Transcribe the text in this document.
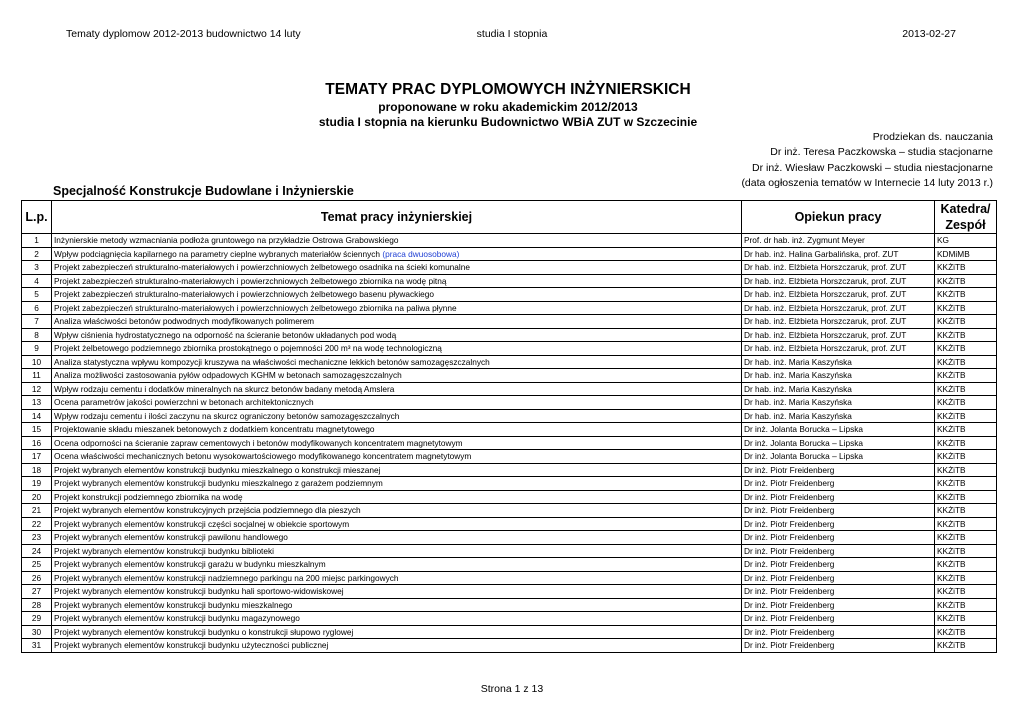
Tematy dyplomow 2012-2013 budownictwo 14 luty	studia I stopnia	2013-02-27
TEMATY PRAC DYPLOMOWYCH INŻYNIERSKICH
proponowane w roku akademickim 2012/2013
studia I stopnia na kierunku Budownictwo WBiA ZUT w Szczecinie
Prodziekan ds. nauczania
Dr inż. Teresa Paczkowska – studia stacjonarne
Dr inż. Wiesław Paczkowski – studia niestacjonarne
(data ogłoszenia tematów w Internecie 14 luty 2013 r.)
Specjalność Konstrukcje Budowlane i Inżynierskie
L.p.	Temat pracy inżynierskiej	Opiekun pracy	Katedra/
Zespół
1	Inżynierskie metody wzmacniania podłoża gruntowego na przykładzie Ostrowa Grabowskiego	Prof. dr hab. inż. Zygmunt Meyer	KG
2	Wpływ podciągnięcia kapilarnego na parametry cieplne wybranych materiałów ściennych (praca dwuosobowa)	Dr hab. inż. Halina Garbalińska, prof. ZUT	KDMiMB
3	Projekt zabezpieczeń strukturalno-materiałowych i powierzchniowych żelbetowego osadnika na ścieki komunalne	Dr hab. inż. Elżbieta Horszczaruk, prof. ZUT	KKŻiTB
4	Projekt zabezpieczeń strukturalno-materiałowych i powierzchniowych żelbetowego zbiornika na wodę pitną	Dr hab. inż. Elżbieta Horszczaruk, prof. ZUT	KKŻiTB
5	Projekt zabezpieczeń strukturalno-materiałowych i powierzchniowych żelbetowego basenu pływackiego	Dr hab. inż. Elżbieta Horszczaruk, prof. ZUT	KKŻiTB
6	Projekt zabezpieczeń strukturalno-materiałowych i powierzchniowych żelbetowego zbiornika na paliwa płynne	Dr hab. inż. Elżbieta Horszczaruk, prof. ZUT	KKŻiTB
7	Analiza właściwości betonów podwodnych modyfikowanych polimerem	Dr hab. inż. Elżbieta Horszczaruk, prof. ZUT	KKŻiTB
8	Wpływ ciśnienia hydrostatycznego na odporność na ścieranie betonów układanych pod wodą	Dr hab. inż. Elżbieta Horszczaruk, prof. ZUT	KKŻiTB
9	Projekt żelbetowego podziemnego zbiornika prostokątnego o pojemności 200 m³ na wodę technologiczną	Dr hab. inż. Elżbieta Horszczaruk, prof. ZUT	KKŻiTB
10	Analiza statystyczna wpływu kompozycji kruszywa na właściwości mechaniczne lekkich betonów samozagęszczalnych	Dr hab. inż. Maria Kaszyńska	KKŻiTB
11	Analiza możliwości zastosowania pyłów odpadowych KGHM w betonach samozagęszczalnych	Dr hab. inż. Maria Kaszyńska	KKŻiTB
12	Wpływ rodzaju cementu i dodatków mineralnych na skurcz betonów badany metodą Amslera	Dr hab. inż. Maria Kaszyńska	KKŻiTB
13	Ocena parametrów jakości powierzchni w betonach architektonicznych	Dr hab. inż. Maria Kaszyńska	KKŻiTB
14	Wpływ rodzaju cementu i ilości zaczynu na skurcz ograniczony betonów samozagęszczalnych	Dr hab. inż. Maria Kaszyńska	KKŻiTB
15	Projektowanie składu mieszanek betonowych z dodatkiem koncentratu magnetytowego	Dr inż. Jolanta Borucka – Lipska	KKŻiTB
16	Ocena odporności na ścieranie zapraw cementowych i betonów modyfikowanych koncentratem magnetytowym	Dr inż. Jolanta Borucka – Lipska	KKŻiTB
17	Ocena właściwości mechanicznych betonu wysokowartościowego modyfikowanego koncentratem magnetytowym	Dr inż. Jolanta Borucka – Lipska	KKŻiTB
18	Projekt wybranych elementów konstrukcji budynku mieszkalnego o konstrukcji mieszanej	Dr inż. Piotr Freidenberg	KKŻiTB
19	Projekt wybranych elementów konstrukcji budynku mieszkalnego z garażem podziemnym	Dr inż. Piotr Freidenberg	KKŻiTB
20	Projekt konstrukcji podziemnego zbiornika na wodę	Dr inż. Piotr Freidenberg	KKŻiTB
21	Projekt wybranych elementów konstrukcyjnych przejścia podziemnego dla pieszych	Dr inż. Piotr Freidenberg	KKŻiTB
22	Projekt wybranych elementów konstrukcji części socjalnej w obiekcie sportowym	Dr inż. Piotr Freidenberg	KKŻiTB
23	Projekt wybranych elementów konstrukcji pawilonu handlowego	Dr inż. Piotr Freidenberg	KKŻiTB
24	Projekt wybranych elementów konstrukcji budynku biblioteki	Dr inż. Piotr Freidenberg	KKŻiTB
25	Projekt wybranych elementów konstrukcji garażu w budynku mieszkalnym	Dr inż. Piotr Freidenberg	KKŻiTB
26	Projekt wybranych elementów konstrukcji nadziemnego parkingu na 200 miejsc parkingowych	Dr inż. Piotr Freidenberg	KKŻiTB
27	Projekt wybranych elementów konstrukcji budynku hali sportowo-widowiskowej	Dr inż. Piotr Freidenberg	KKŻiTB
28	Projekt wybranych elementów konstrukcji budynku mieszkalnego	Dr inż. Piotr Freidenberg	KKŻiTB
29	Projekt wybranych elementów konstrukcji budynku magazynowego	Dr inż. Piotr Freidenberg	KKŻiTB
30	Projekt wybranych elementów konstrukcji budynku o konstrukcji słupowo ryglowej	Dr inż. Piotr Freidenberg	KKŻiTB
31	Projekt wybranych elementów konstrukcji budynku użyteczności publicznej	Dr inż. Piotr Freidenberg	KKŻiTB
Strona 1 z 13
